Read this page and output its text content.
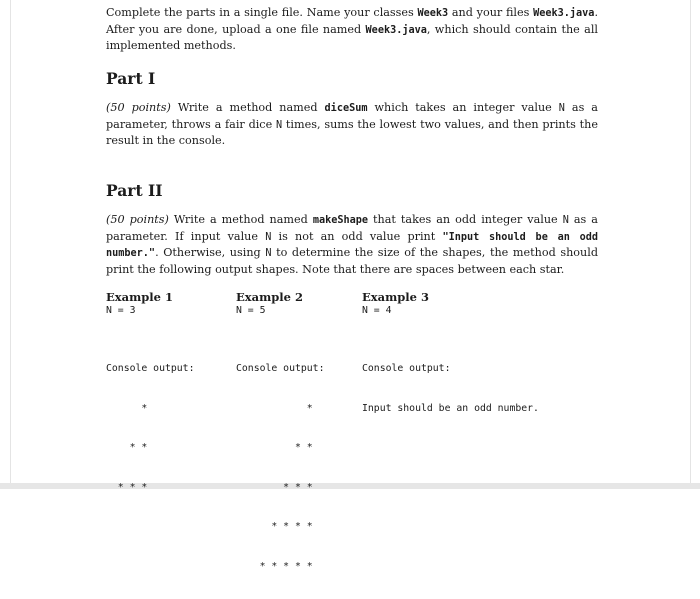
Complete the parts in a single file. Name your classes Week3 and your files Week3.java. After you are done, upload a one file named Week3.java, which should contain the all implemented methods.

Part I

(50 points) Write a method named diceSum which takes an integer value N as a parameter, throws a fair dice N times, sums the lowest two values, and then prints the result in the console.

Part II

(50 points) Write a method named makeShape that takes an odd integer value N as a parameter. If input value N is not an odd value print "Input should be an odd number.". Otherwise, using N to determine the size of the shapes, the method should print the following output shapes. Note that there are spaces between each star.

Example 1
N = 3

Console output:

*

* *

* * *

Example 2
N = 5

Console output:

*

* *

* * *

* * * *

* * * * *

Example 3
N = 4

Console output:

Input should be an odd number.
